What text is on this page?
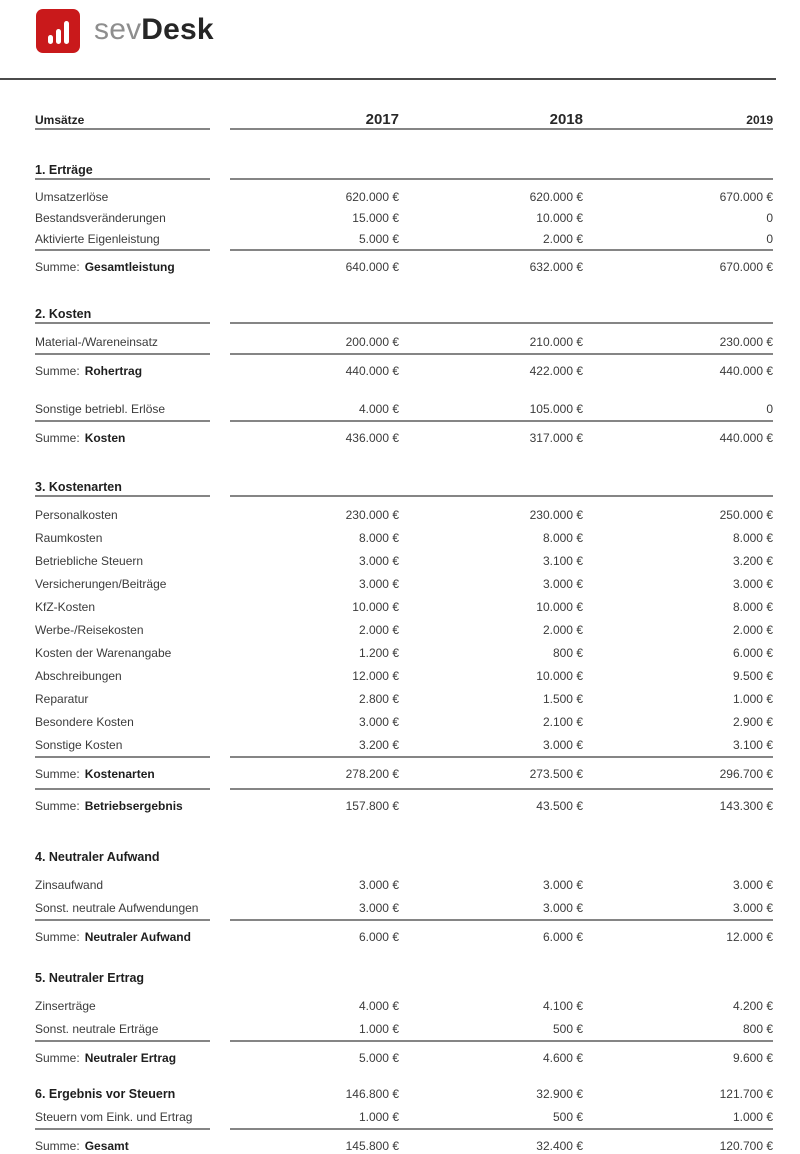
sevDesk
Umsätze	2017	2018	2019
1. Erträge
Umsatzerlöse	620.000 €	620.000 €	670.000 €
Bestandsveränderungen	15.000 €	10.000 €	0
Aktivierte Eigenleistung	5.000 €	2.000 €	0
Summe: Gesamtleistung	640.000 €	632.000 €	670.000 €
2. Kosten
Material-/Wareneinsatz	200.000 €	210.000 €	230.000 €
Summe: Rohertrag	440.000 €	422.000 €	440.000 €
Sonstige betriebl. Erlöse	4.000 €	105.000 €	0
Summe: Kosten	436.000 €	317.000 €	440.000 €
3. Kostenarten
Personalkosten	230.000 €	230.000 €	250.000 €
Raumkosten	8.000 €	8.000 €	8.000 €
Betriebliche Steuern	3.000 €	3.100 €	3.200 €
Versicherungen/Beiträge	3.000 €	3.000 €	3.000 €
KfZ-Kosten	10.000 €	10.000 €	8.000 €
Werbe-/Reisekosten	2.000 €	2.000 €	2.000 €
Kosten der Warenangabe	1.200 €	800 €	6.000 €
Abschreibungen	12.000 €	10.000 €	9.500 €
Reparatur	2.800 €	1.500 €	1.000 €
Besondere Kosten	3.000 €	2.100 €	2.900 €
Sonstige Kosten	3.200 €	3.000 €	3.100 €
Summe: Kostenarten	278.200 €	273.500 €	296.700 €
Summe: Betriebsergebnis	157.800 €	43.500 €	143.300 €
4. Neutraler Aufwand
Zinsaufwand	3.000 €	3.000 €	3.000 €
Sonst. neutrale Aufwendungen	3.000 €	3.000 €	3.000 €
Summe: Neutraler Aufwand	6.000 €	6.000 €	12.000 €
5. Neutraler Ertrag
Zinserträge	4.000 €	4.100 €	4.200 €
Sonst. neutrale Erträge	1.000 €	500 €	800 €
Summe: Neutraler Ertrag	5.000 €	4.600 €	9.600 €
6. Ergebnis vor Steuern	146.800 €	32.900 €	121.700 €
Steuern vom Eink. und Ertrag	1.000 €	500 €	1.000 €
Summe: Gesamt	145.800 €	32.400 €	120.700 €
